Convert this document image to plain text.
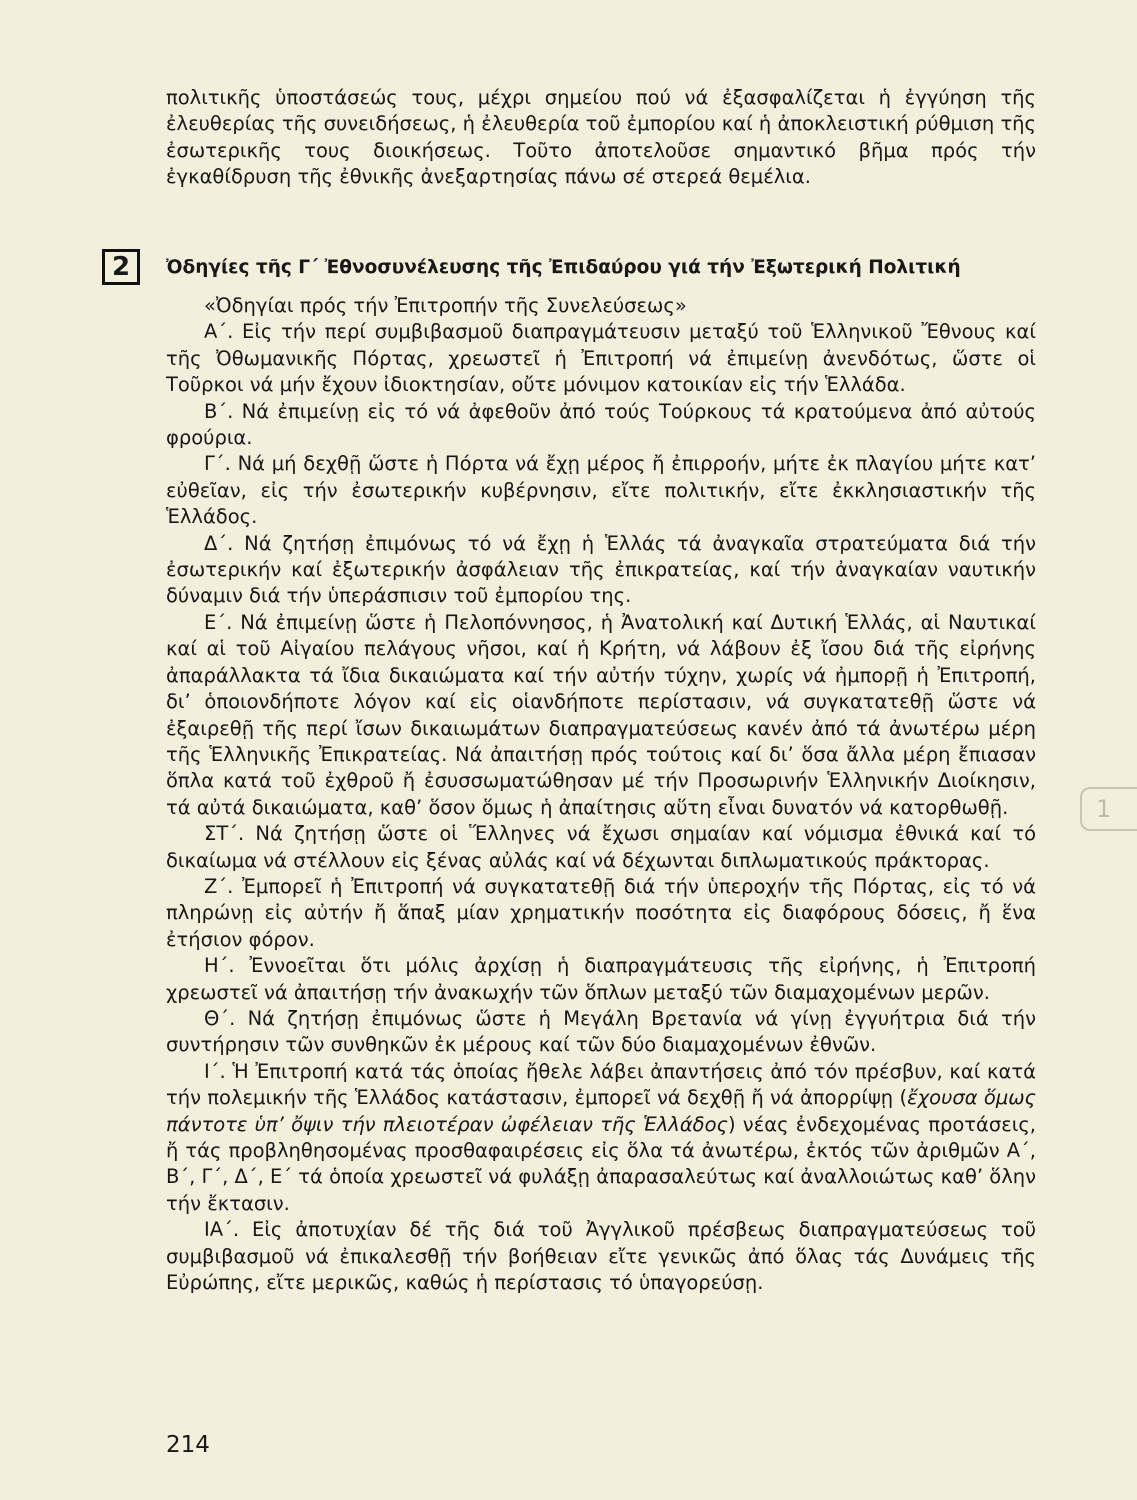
πολιτικῆς ὑποστάσεώς τους, μέχρι σημείου πού νά ἐξασφαλίζεται ἡ ἐγγύηση τῆς ἐλευθερίας τῆς συνειδήσεως, ἡ ἐλευθερία τοῦ ἐμπορίου καί ἡ ἀποκλειστική ρύθμιση τῆς ἐσωτερικῆς τους διοικήσεως. Τοῦτο ἀποτελοῦσε σημαντικό βῆμα πρός τήν ἐγκαθίδρυση τῆς ἐθνικῆς ἀνεξαρτησίας πάνω σέ στερεά θεμέλια.
2	Ὀδηγίες τῆς Γ΄ Ἐθνοσυνέλευσης τῆς Ἐπιδαύρου γιά τήν Ἐξωτερική Πολιτική

«Ὀδηγίαι πρός τήν Ἐπιτροπήν τῆς Συνελεύσεως»

Α΄. Εἰς τήν περί συμβιβασμοῦ διαπραγμάτευσιν μεταξύ τοῦ Ἑλληνικοῦ Ἔθνους καί τῆς Ὀθωμανικῆς Πόρτας, χρεωστεῖ ἡ Ἐπιτροπή νά ἐπιμείνῃ ἀνενδότως, ὥστε οἱ Τοῦρκοι νά μήν ἔχουν ἰδιοκτησίαν, οὔτε μόνιμον κατοικίαν εἰς τήν Ἑλλάδα.

Β΄. Νά ἐπιμείνῃ εἰς τό νά ἀφεθοῦν ἀπό τούς Τούρκους τά κρατούμενα ἀπό αὐτούς φρούρια.

Γ΄. Νά μή δεχθῇ ὥστε ἡ Πόρτα νά ἔχῃ μέρος ἤ ἐπιρροήν, μήτε ἐκ πλαγίου μήτε κατ’ εὐθεῖαν, εἰς τήν ἐσωτερικήν κυβέρνησιν, εἴτε πολιτικήν, εἴτε ἐκκλησιαστικήν τῆς Ἑλλάδος.

Δ΄. Νά ζητήσῃ ἐπιμόνως τό νά ἔχῃ ἡ Ἑλλάς τά ἀναγκαῖα στρατεύματα διά τήν ἐσωτερικήν καί ἐξωτερικήν ἀσφάλειαν τῆς ἐπικρατείας, καί τήν ἀναγκαίαν ναυτικήν δύναμιν διά τήν ὑπεράσπισιν τοῦ ἐμπορίου της.

Ε΄. Νά ἐπιμείνῃ ὥστε ἡ Πελοπόννησος, ἡ Ἀνατολική καί Δυτική Ἑλλάς, αἱ Ναυτικαί καί αἱ τοῦ Αἰγαίου πελάγους νῆσοι, καί ἡ Κρήτη, νά λάβουν ἐξ ἴσου διά τῆς εἰρήνης ἀπαράλλακτα τά ἴδια δικαιώματα καί τήν αὐτήν τύχην, χωρίς νά ἠμπορῇ ἡ Ἐπιτροπή, δι’ ὁποιονδήποτε λόγον καί εἰς οἱανδήποτε περίστασιν, νά συγκατατεθῇ ὥστε νά ἐξαιρεθῇ τῆς περί ἴσων δικαιωμάτων διαπραγματεύσεως κανέν ἀπό τά ἀνωτέρω μέρη τῆς Ἑλληνικῆς Ἐπικρατείας. Νά ἀπαιτήσῃ πρός τούτοις καί δι’ ὅσα ἄλλα μέρη ἔπιασαν ὅπλα κατά τοῦ ἐχθροῦ ἤ ἐσυσσωματώθησαν μέ τήν Προσωρινήν Ἑλληνικήν Διοίκησιν, τά αὐτά δικαιώματα, καθ’ ὅσον ὅμως ἡ ἀπαίτησις αὕτη εἶναι δυνατόν νά κατορθωθῇ.

ΣΤ΄. Νά ζητήσῃ ὥστε οἱ Ἕλληνες νά ἔχωσι σημαίαν καί νόμισμα ἐθνικά καί τό δικαίωμα νά στέλλουν εἰς ξένας αὐλάς καί νά δέχωνται διπλωματικούς πράκτορας.

Ζ΄. Ἐμπορεῖ ἡ Ἐπιτροπή νά συγκατατεθῇ διά τήν ὑπεροχήν τῆς Πόρτας, εἰς τό νά πληρώνῃ εἰς αὐτήν ἤ ἅπαξ μίαν χρηματικήν ποσότητα εἰς διαφόρους δόσεις, ἤ ἕνα ἐτήσιον φόρον.

Η΄. Ἐννοεῖται ὅτι μόλις ἀρχίσῃ ἡ διαπραγμάτευσις τῆς εἰρήνης, ἡ Ἐπιτροπή χρεωστεῖ νά ἀπαιτήσῃ τήν ἀνακωχήν τῶν ὅπλων μεταξύ τῶν διαμαχομένων μερῶν.

Θ΄. Νά ζητήσῃ ἐπιμόνως ὥστε ἡ Μεγάλη Βρετανία νά γίνῃ ἐγγυήτρια διά τήν συντήρησιν τῶν συνθηκῶν ἐκ μέρους καί τῶν δύο διαμαχομένων ἐθνῶν.

Ι΄. Ἡ Ἐπιτροπή κατά τάς ὁποίας ἤθελε λάβει ἀπαντήσεις ἀπό τόν πρέσβυν, καί κατά τήν πολεμικήν τῆς Ἑλλάδος κατάστασιν, ἐμπορεῖ νά δεχθῇ ἤ νά ἀπορρίψῃ (ἔχουσα ὅμως πάντοτε ὑπ’ ὄψιν τήν πλειοτέραν ὠφέλειαν τῆς Ἑλλάδος) νέας ἐνδεχομένας προτάσεις, ἤ τάς προβληθησομένας προσθαφαιρέσεις εἰς ὅλα τά ἀνωτέρω, ἐκτός τῶν ἀριθμῶν Α΄, Β΄, Γ΄, Δ΄, Ε΄ τά ὁποία χρεωστεῖ νά φυλάξῃ ἀπαρασαλεύτως καί ἀναλλοιώτως καθ’ ὅλην τήν ἔκτασιν.

ΙΑ΄. Εἰς ἀποτυχίαν δέ τῆς διά τοῦ Ἀγγλικοῦ πρέσβεως διαπραγματεύσεως τοῦ συμβιβασμοῦ νά ἐπικαλεσθῇ τήν βοήθειαν εἴτε γενικῶς ἀπό ὅλας τάς Δυνάμεις τῆς Εὐρώπης, εἴτε μερικῶς, καθώς ἡ περίστασις τό ὑπαγορεύσῃ.

214
1
